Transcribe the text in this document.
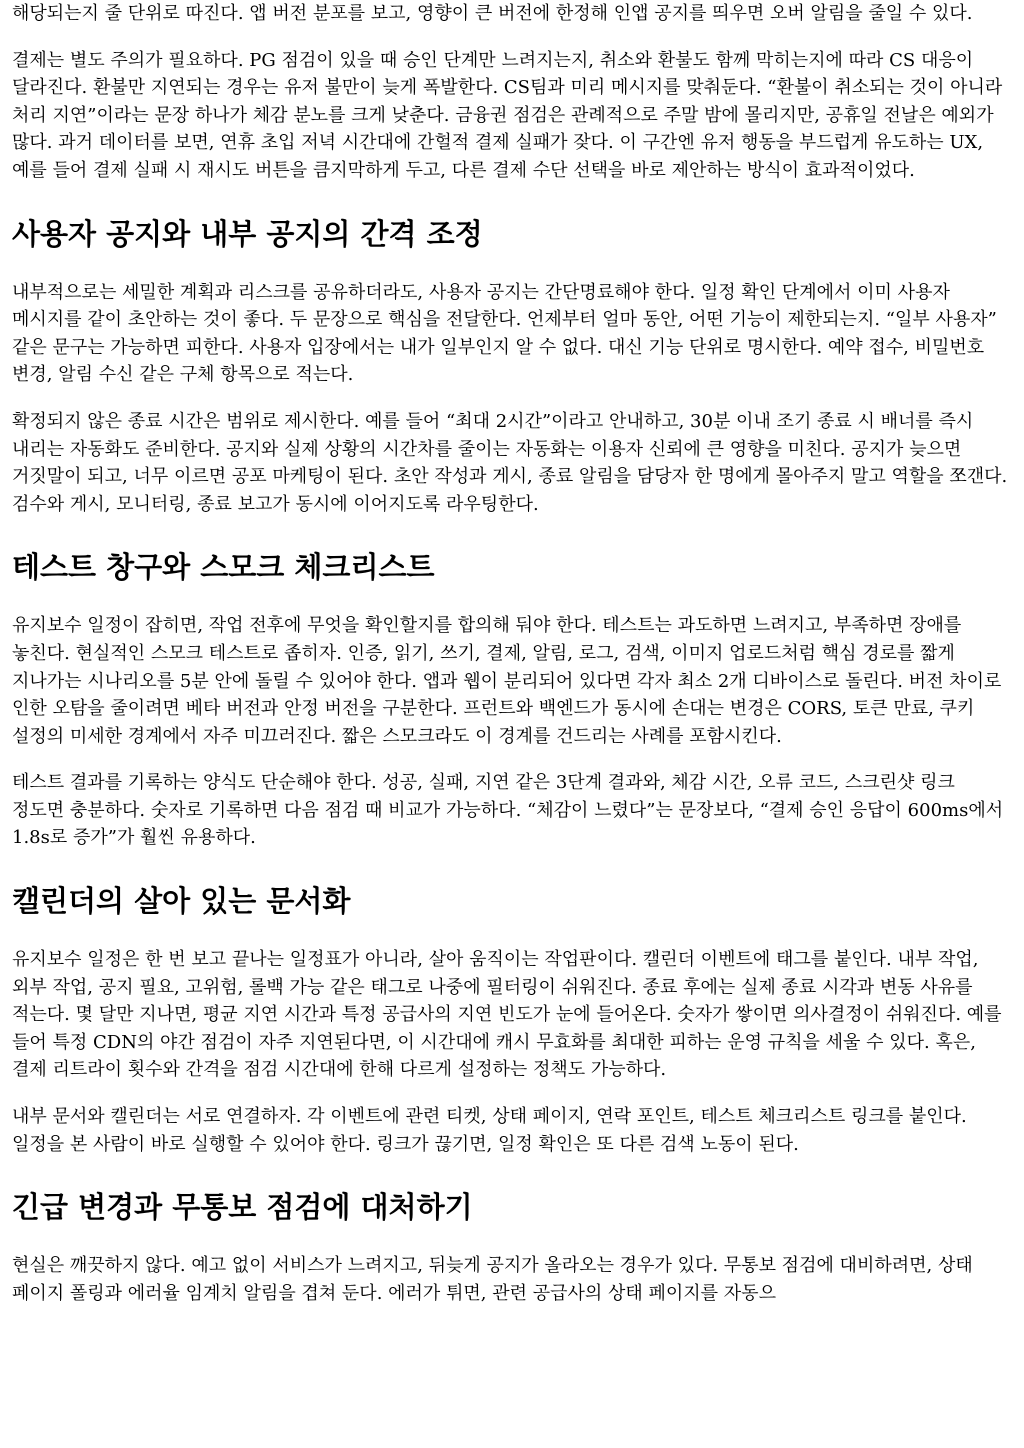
해당되는지 줄 단위로 따진다. 앱 버전 분포를 보고, 영향이 큰 버전에 한정해 인앱 공지를 띄우면 오버 알림을 줄일 수 있다.

결제는 별도 주의가 필요하다. PG 점검이 있을 때 승인 단계만 느려지는지, 취소와 환불도 함께 막히는지에 따라 CS 대응이 달라진다. 환불만 지연되는 경우는 유저 불만이 늦게 폭발한다. CS팀과 미리 메시지를 맞춰둔다. “환불이 취소되는 것이 아니라 처리 지연”이라는 문장 하나가 체감 분노를 크게 낮춘다. 금융권 점검은 관례적으로 주말 밤에 몰리지만, 공휴일 전날은 예외가 많다. 과거 데이터를 보면, 연휴 초입 저녁 시간대에 간헐적 결제 실패가 잦다. 이 구간엔 유저 행동을 부드럽게 유도하는 UX, 예를 들어 결제 실패 시 재시도 버튼을 큼지막하게 두고, 다른 결제 수단 선택을 바로 제안하는 방식이 효과적이었다.

사용자 공지와 내부 공지의 간격 조정

내부적으로는 세밀한 계획과 리스크를 공유하더라도, 사용자 공지는 간단명료해야 한다. 일정 확인 단계에서 이미 사용자 메시지를 같이 초안하는 것이 좋다. 두 문장으로 핵심을 전달한다. 언제부터 얼마 동안, 어떤 기능이 제한되는지. “일부 사용자” 같은 문구는 가능하면 피한다. 사용자 입장에서는 내가 일부인지 알 수 없다. 대신 기능 단위로 명시한다. 예약 접수, 비밀번호 변경, 알림 수신 같은 구체 항목으로 적는다.

확정되지 않은 종료 시간은 범위로 제시한다. 예를 들어 “최대 2시간”이라고 안내하고, 30분 이내 조기 종료 시 배너를 즉시 내리는 자동화도 준비한다. 공지와 실제 상황의 시간차를 줄이는 자동화는 이용자 신뢰에 큰 영향을 미친다. 공지가 늦으면 거짓말이 되고, 너무 이르면 공포 마케팅이 된다. 초안 작성과 게시, 종료 알림을 담당자 한 명에게 몰아주지 말고 역할을 쪼갠다. 검수와 게시, 모니터링, 종료 보고가 동시에 이어지도록 라우팅한다.

테스트 창구와 스모크 체크리스트

유지보수 일정이 잡히면, 작업 전후에 무엇을 확인할지를 합의해 둬야 한다. 테스트는 과도하면 느려지고, 부족하면 장애를 놓친다. 현실적인 스모크 테스트로 좁히자. 인증, 읽기, 쓰기, 결제, 알림, 로그, 검색, 이미지 업로드처럼 핵심 경로를 짧게 지나가는 시나리오를 5분 안에 돌릴 수 있어야 한다. 앱과 웹이 분리되어 있다면 각자 최소 2개 디바이스로 돌린다. 버전 차이로 인한 오탐을 줄이려면 베타 버전과 안정 버전을 구분한다. 프런트와 백엔드가 동시에 손대는 변경은 CORS, 토큰 만료, 쿠키 설정의 미세한 경계에서 자주 미끄러진다. 짧은 스모크라도 이 경계를 건드리는 사례를 포함시킨다.

테스트 결과를 기록하는 양식도 단순해야 한다. 성공, 실패, 지연 같은 3단계 결과와, 체감 시간, 오류 코드, 스크린샷 링크 정도면 충분하다. 숫자로 기록하면 다음 점검 때 비교가 가능하다. “체감이 느렸다”는 문장보다, “결제 승인 응답이 600ms에서 1.8s로 증가”가 훨씬 유용하다.

캘린더의 살아 있는 문서화

유지보수 일정은 한 번 보고 끝나는 일정표가 아니라, 살아 움직이는 작업판이다. 캘린더 이벤트에 태그를 붙인다. 내부 작업, 외부 작업, 공지 필요, 고위험, 롤백 가능 같은 태그로 나중에 필터링이 쉬워진다. 종료 후에는 실제 종료 시각과 변동 사유를 적는다. 몇 달만 지나면, 평균 지연 시간과 특정 공급사의 지연 빈도가 눈에 들어온다. 숫자가 쌓이면 의사결정이 쉬워진다. 예를 들어 특정 CDN의 야간 점검이 자주 지연된다면, 이 시간대에 캐시 무효화를 최대한 피하는 운영 규칙을 세울 수 있다. 혹은, 결제 리트라이 횟수와 간격을 점검 시간대에 한해 다르게 설정하는 정책도 가능하다.

내부 문서와 캘린더는 서로 연결하자. 각 이벤트에 관련 티켓, 상태 페이지, 연락 포인트, 테스트 체크리스트 링크를 붙인다. 일정을 본 사람이 바로 실행할 수 있어야 한다. 링크가 끊기면, 일정 확인은 또 다른 검색 노동이 된다.

긴급 변경과 무통보 점검에 대처하기

현실은 깨끗하지 않다. 예고 없이 서비스가 느려지고, 뒤늦게 공지가 올라오는 경우가 있다. 무통보 점검에 대비하려면, 상태 페이지 폴링과 에러율 임계치 알림을 겹쳐 둔다. 에러가 튀면, 관련 공급사의 상태 페이지를 자동으
